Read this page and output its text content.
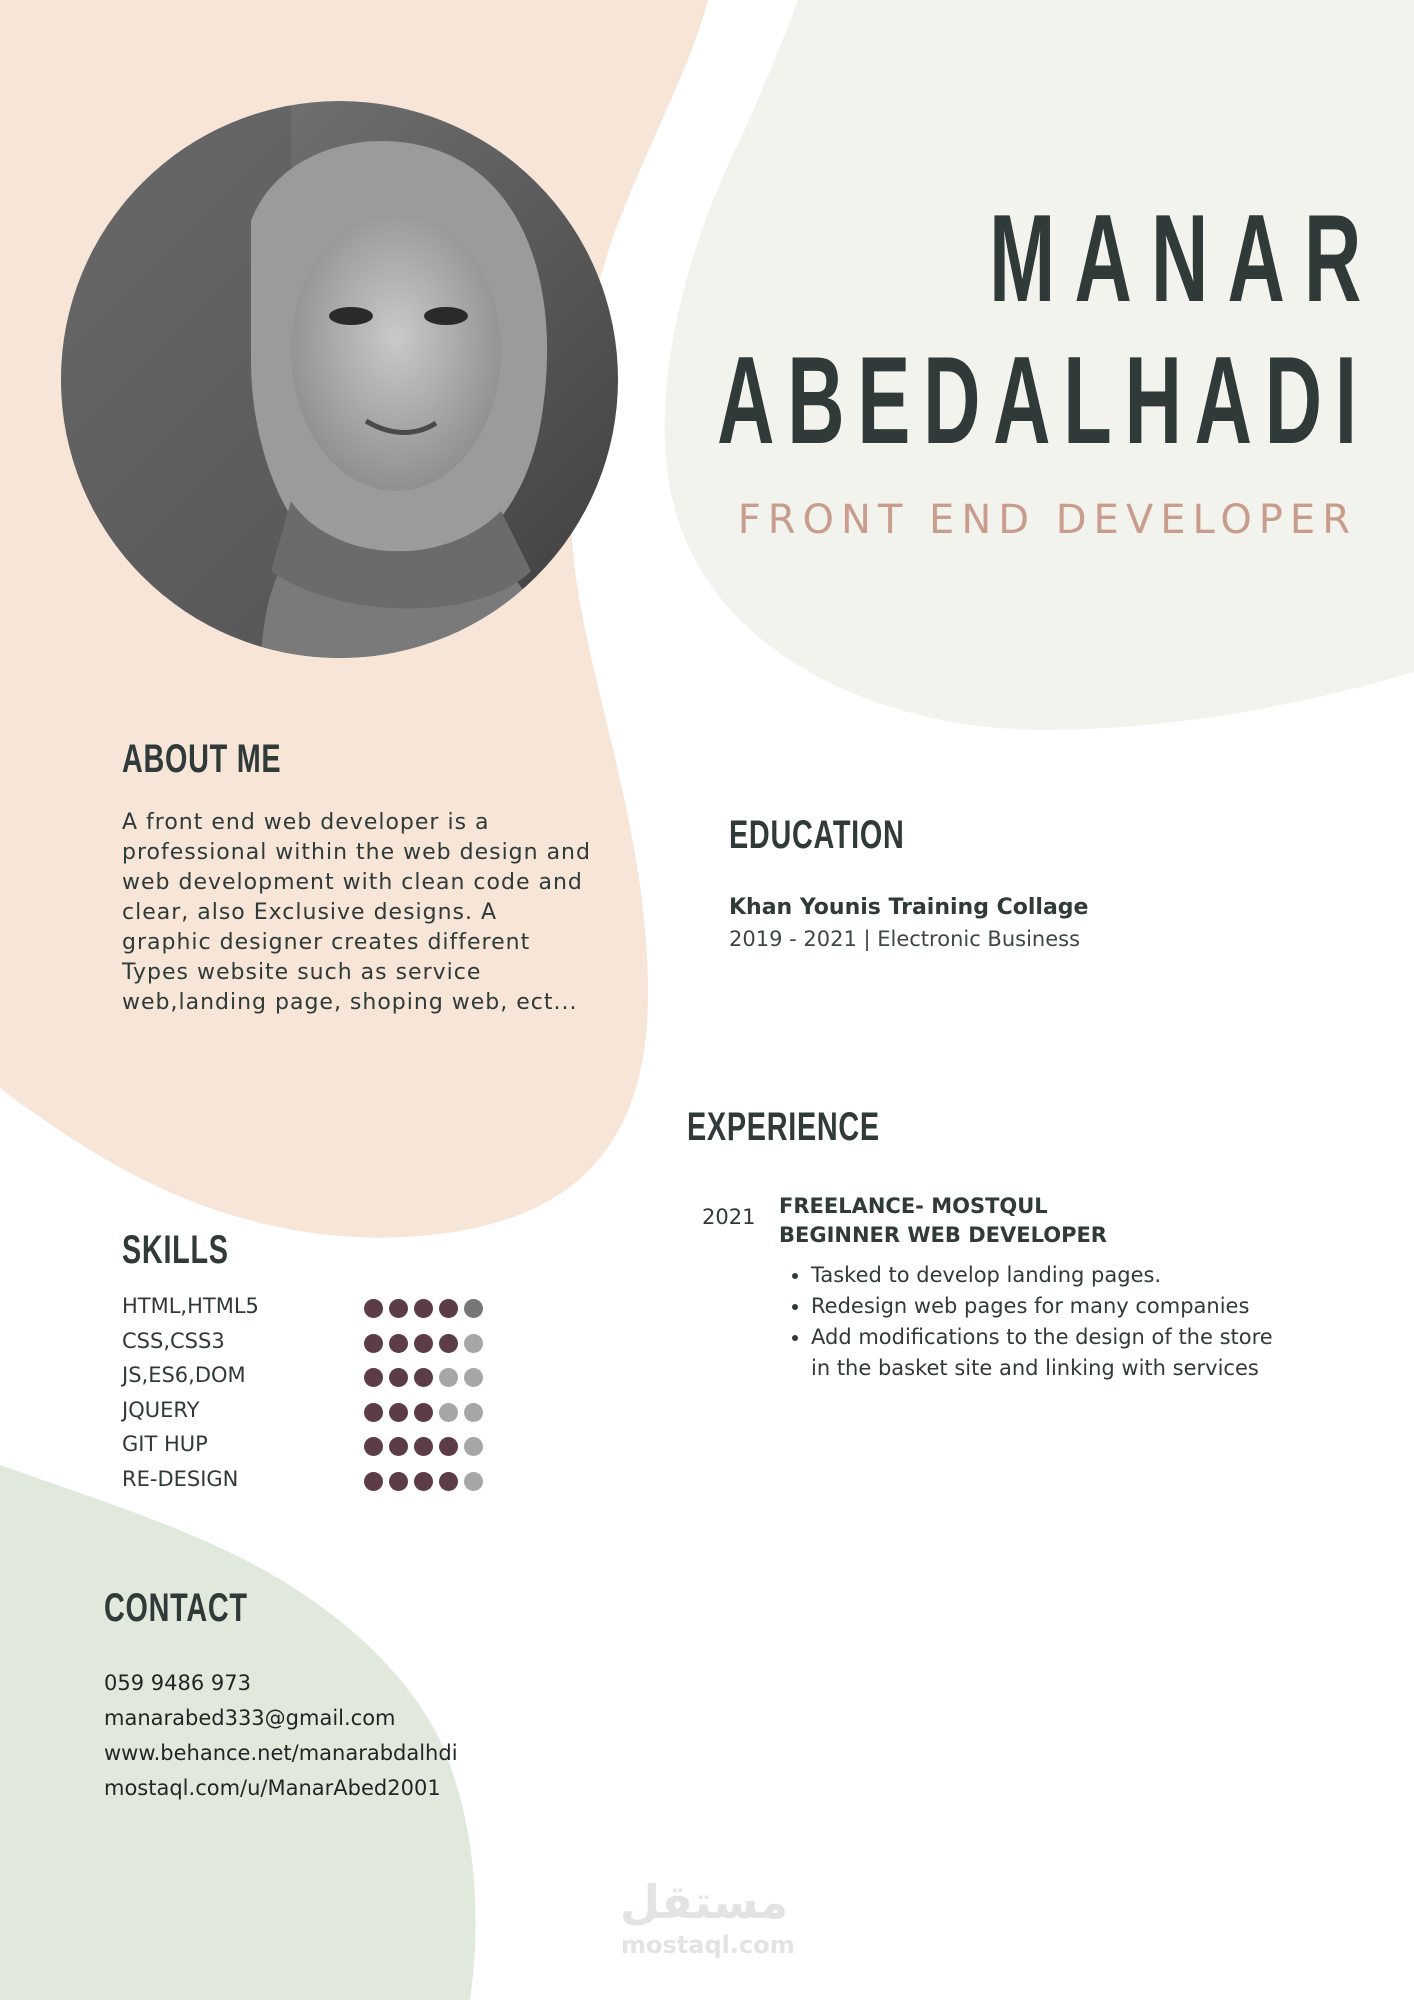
MANAR
ABEDALHADI
FRONT END DEVELOPER
ABOUT ME

A front end web developer is a

professional within the web design and

web development with clean code and

clear, also Exclusive designs. A

graphic designer creates different

Types website such as service

web,landing page, shoping web, ect...

EDUCATION
Khan Younis Training Collage
2019 - 2021 | Electronic Business
EXPERIENCE
2021 FREELANCE- MOSTQUL
BEGINNER WEB DEVELOPER
• Tasked to develop landing pages.
• Redesign web pages for many companies
• Add modifications to the design of the store in the basket site and linking with services
SKILLS
HTML,HTML5
CSS,CSS3
JS,ES6,DOM
JQUERY
GIT HUP
RE-DESIGN
CONTACT
059 9486 973
manarabed333@gmail.com
www.behance.net/manarabdalhdi
mostaql.com/u/ManarAbed2001
مستقل
mostaql.com
